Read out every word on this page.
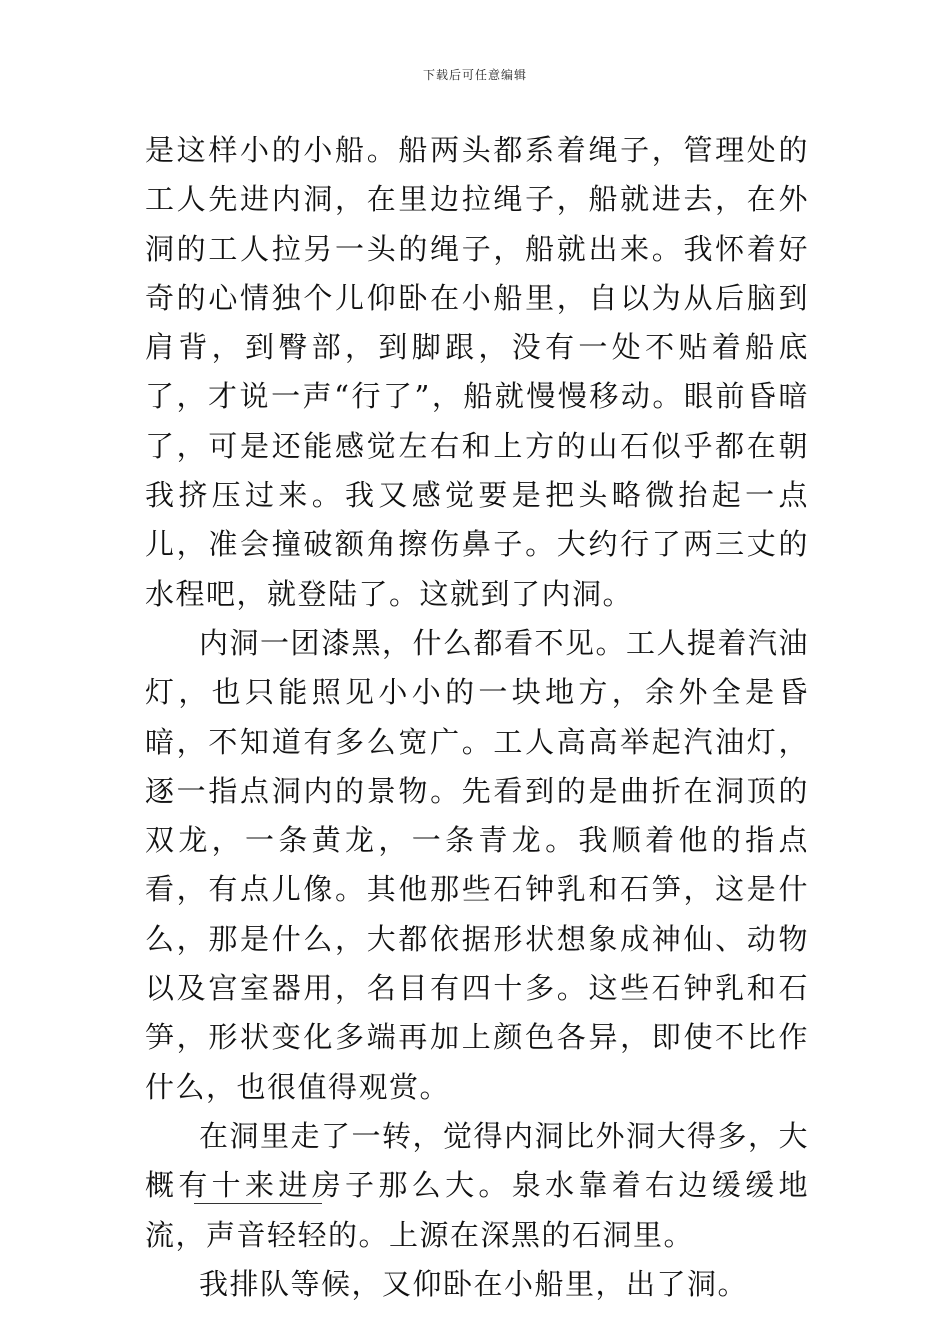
下载后可任意编辑

是这样小的小船。船两头都系着绳子，管理处的工人先进内洞，在里边拉绳子，船就进去，在外洞的工人拉另一头的绳子，船就出来。我怀着好奇的心情独个儿仰卧在小船里，自以为从后脑到肩背，到臀部，到脚跟，没有一处不贴着船底了，才说一声“行了”，船就慢慢移动。眼前昏暗了，可是还能感觉左右和上方的山石似乎都在朝我挤压过来。我又感觉要是把头略微抬起一点儿，准会撞破额角擦伤鼻子。大约行了两三丈的水程吧，就登陆了。这就到了内洞。

内洞一团漆黑，什么都看不见。工人提着汽油灯，也只能照见小小的一块地方，余外全是昏暗，不知道有多么宽广。工人高高举起汽油灯，逐一指点洞内的景物。先看到的是曲折在洞顶的双龙，一条黄龙，一条青龙。我顺着他的指点看，有点儿像。其他那些石钟乳和石笋，这是什么，那是什么，大都依据形状想象成神仙、动物以及宫室器用，名目有四十多。这些石钟乳和石笋，形状变化多端再加上颜色各异，即使不比作什么，也很值得观赏。

在洞里走了一转，觉得内洞比外洞大得多，大概有十来进房子那么大。泉水靠着右边缓缓地流，声音轻轻的。上源在深黑的石洞里。

我排队等候，又仰卧在小船里，出了洞。
